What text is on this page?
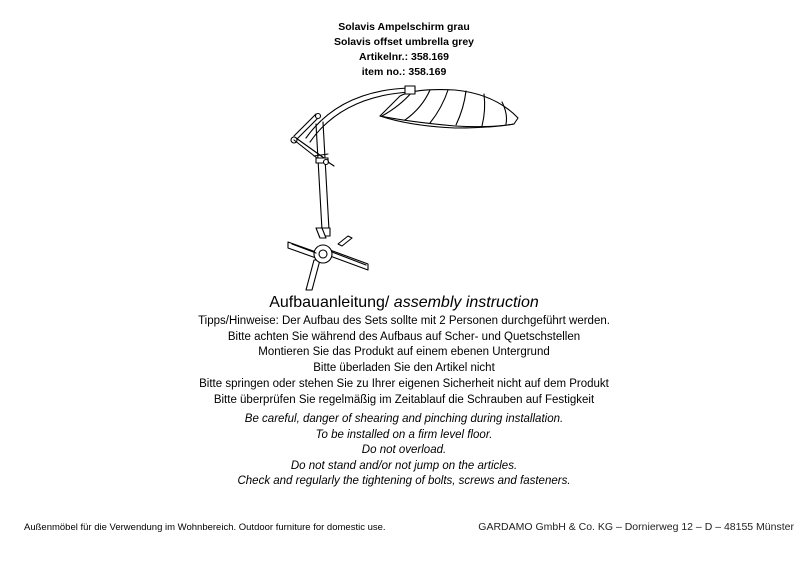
Solavis Ampelschirm grau
Solavis offset umbrella grey
Artikelnr.: 358.169
item no.: 358.169
Aufbauanleitung/ assembly instruction
Tipps/Hinweise: Der Aufbau des Sets sollte mit 2 Personen durchgeführt werden.
Bitte achten Sie während des Aufbaus auf Scher- und Quetschstellen
Montieren Sie das Produkt auf einem ebenen Untergrund
Bitte überladen Sie den Artikel nicht
Bitte springen oder stehen Sie zu Ihrer eigenen Sicherheit nicht auf dem Produkt
Bitte überprüfen Sie regelmäßig im Zeitablauf die Schrauben auf Festigkeit
Be careful, danger of shearing and pinching during installation.
To be installed on a firm level floor.
Do not overload.
Do not stand and/or not jump on the articles.
Check and regularly the tightening of bolts, screws and fasteners.
Außenmöbel für die Verwendung im Wohnbereich. Outdoor furniture for domestic use.	GARDAMO GmbH & Co. KG – Dornierweg 12 – D – 48155 Münster
